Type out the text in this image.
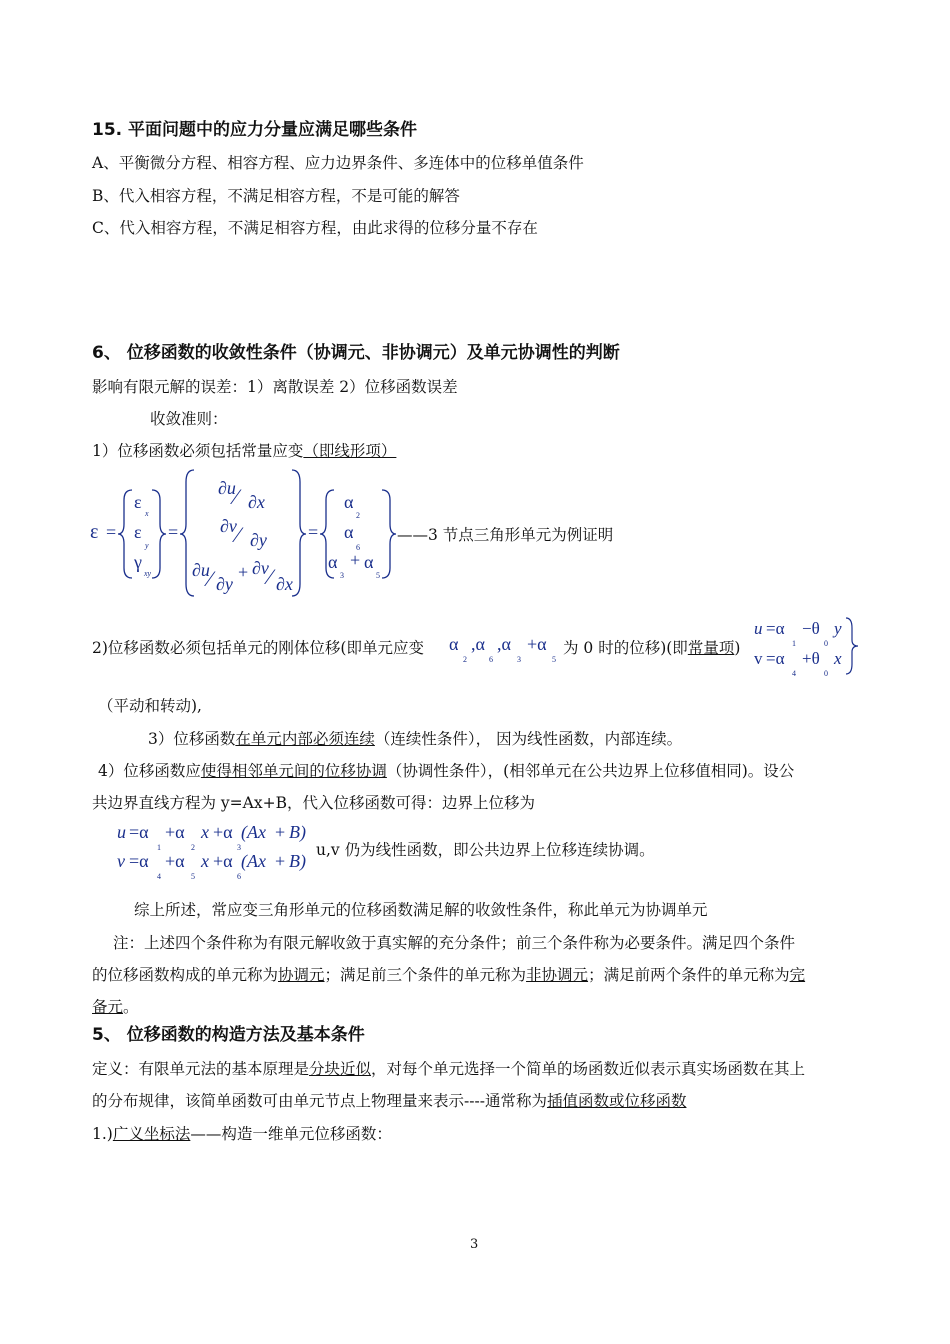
15. 平面问题中的应力分量应满足哪些条件
A、平衡微分方程、相容方程、应力边界条件、多连体中的位移单值条件
B、代入相容方程，不满足相容方程，不是可能的解答
C、代入相容方程，不满足相容方程，由此求得的位移分量不存在
6、 位移函数的收敛性条件（协调元、非协调元）及单元协调性的判断
影响有限元解的误差：1）离散误差 2）位移函数误差
收敛准则：
1）位移函数必须包括常量应变（即线形项）
ε =
ε
x
ε
y
γ
xy
=
∂u
⁄ ∂x
∂v ⁄ ∂y
∂u
⁄ ∂y
+ ∂v ⁄ ∂x
=
α
2
α
6
α
3
+ α
5
——3 节点三角形单元为例证明
2)位移函数必须包括单元的刚体位移(即单元应变 α
2
,α
6
,α
3
+α
5
为 0 时的位移)(即常量项)
u =α
1
−θ
0
y
v =α
4
+θ
0
x
（平动和转动),
3）位移函数在单元内部必须连续（连续性条件）， 因为线性函数，内部连续。
4）位移函数应使得相邻单元间的位移协调（协调性条件），(相邻单元在公共边界上位移值相同)。设公
共边界直线方程为 y=Ax+B，代入位移函数可得：边界上位移为
u =α
1
+α
2
x +α
3
(Ax + B)
v =α
4
+α
5
x +α
6
(Ax + B)
u,v 仍为线性函数，即公共边界上位移连续协调。
综上所述，常应变三角形单元的位移函数满足解的收敛性条件，称此单元为协调单元
注：上述四个条件称为有限元解收敛于真实解的充分条件；前三个条件称为必要条件。满足四个条件
的位移函数构成的单元称为协调元；满足前三个条件的单元称为非协调元；满足前两个条件的单元称为完
备元。
5、 位移函数的构造方法及基本条件
定义：有限单元法的基本原理是分块近似，对每个单元选择一个简单的场函数近似表示真实场函数在其上
的分布规律，该简单函数可由单元节点上物理量来表示----通常称为插值函数或位移函数
1.)广义坐标法——构造一维单元位移函数：
3
